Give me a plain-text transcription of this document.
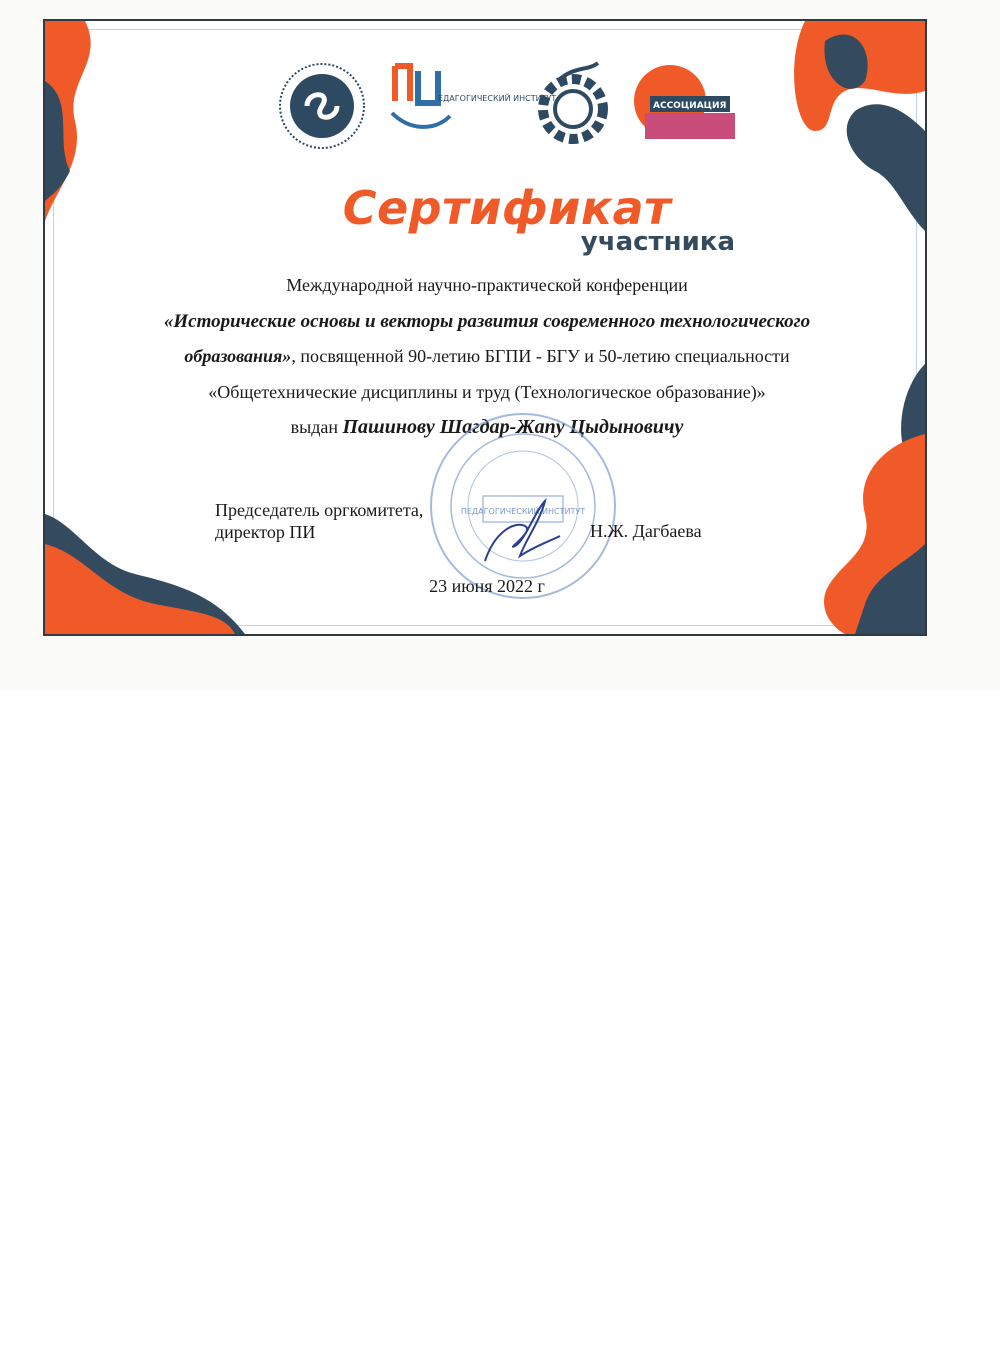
ЕДАГОГИЧЕСКИЙ ИНСТИТУТ
АССОЦИАЦИЯ
Сертификат
участника
Международной научно-практической конференции
«Исторические основы и векторы развития современного технологического
образования», посвященной 90-летию БГПИ - БГУ и 50-летию специальности
«Общетехнические дисциплины и труд (Технологическое образование)»
выдан Пашинову Шагдар-Жапу Цыдыновичу
ПЕДАГОГИЧЕСКИЙ ИНСТИТУТ
Председатель оргкомитета,
директор ПИ	Н.Ж. Дагбаева
23 июня 2022 г
